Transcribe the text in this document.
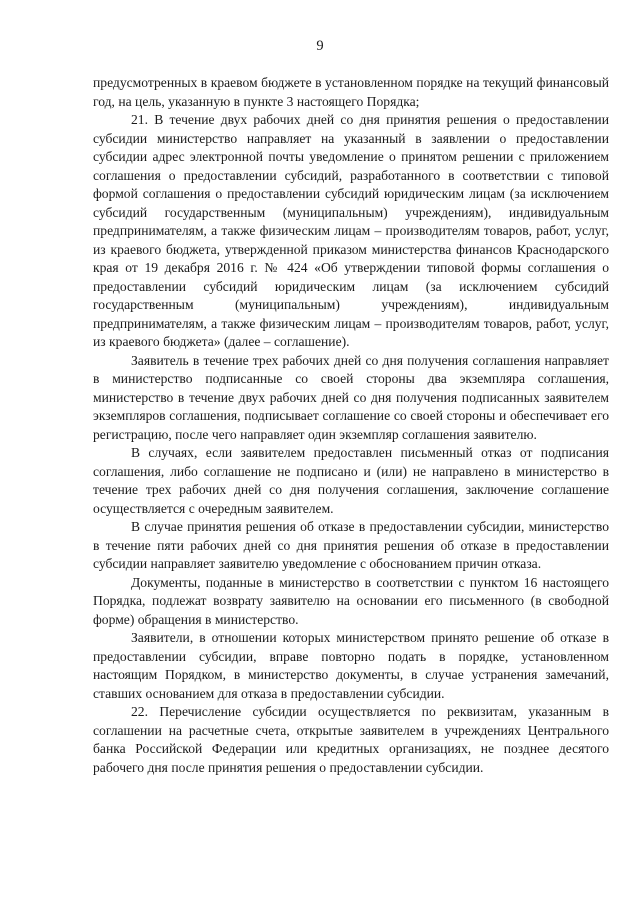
9

предусмотренных в краевом бюджете в установленном порядке на текущий финансовый год, на цель, указанную в пункте 3 настоящего Порядка;

21. В течение двух рабочих дней со дня принятия решения о предоставлении субсидии министерство направляет на указанный в заявлении о предоставлении субсидии адрес электронной почты уведомление о принятом решении с приложением соглашения о предоставлении субсидий, разработанного в соответствии с типовой формой соглашения о предоставлении субсидий юридическим лицам (за исключением субсидий государственным (муниципальным) учреждениям), индивидуальным предпринимателям, а также физическим лицам – производителям товаров, работ, услуг, из краевого бюджета, утвержденной приказом министерства финансов Краснодарского края от 19 декабря 2016 г. № 424 «Об утверждении типовой формы соглашения о предоставлении субсидий юридическим лицам (за исключением субсидий государственным (муниципальным) учреждениям), индивидуальным предпринимателям, а также физическим лицам – производителям товаров, работ, услуг, из краевого бюджета» (далее – соглашение).

Заявитель в течение трех рабочих дней со дня получения соглашения направляет в министерство подписанные со своей стороны два экземпляра соглашения, министерство в течение двух рабочих дней со дня получения подписанных заявителем экземпляров соглашения, подписывает соглашение со своей стороны и обеспечивает его регистрацию, после чего направляет один экземпляр соглашения заявителю.

В случаях, если заявителем предоставлен письменный отказ от подписания соглашения, либо соглашение не подписано и (или) не направлено в министерство в течение трех рабочих дней со дня получения соглашения, заключение соглашение осуществляется с очередным заявителем.

В случае принятия решения об отказе в предоставлении субсидии, министерство в течение пяти рабочих дней со дня принятия решения об отказе в предоставлении субсидии направляет заявителю уведомление с обоснованием причин отказа.

Документы, поданные в министерство в соответствии с пунктом 16 настоящего Порядка, подлежат возврату заявителю на основании его письменного (в свободной форме) обращения в министерство.

Заявители, в отношении которых министерством принято решение об отказе в предоставлении субсидии, вправе повторно подать в порядке, установленном настоящим Порядком, в министерство документы, в случае устранения замечаний, ставших основанием для отказа в предоставлении субсидии.

22. Перечисление субсидии осуществляется по реквизитам, указанным в соглашении на расчетные счета, открытые заявителем в учреждениях Центрального банка Российской Федерации или кредитных организациях, не позднее десятого рабочего дня после принятия решения о предоставлении субсидии.
